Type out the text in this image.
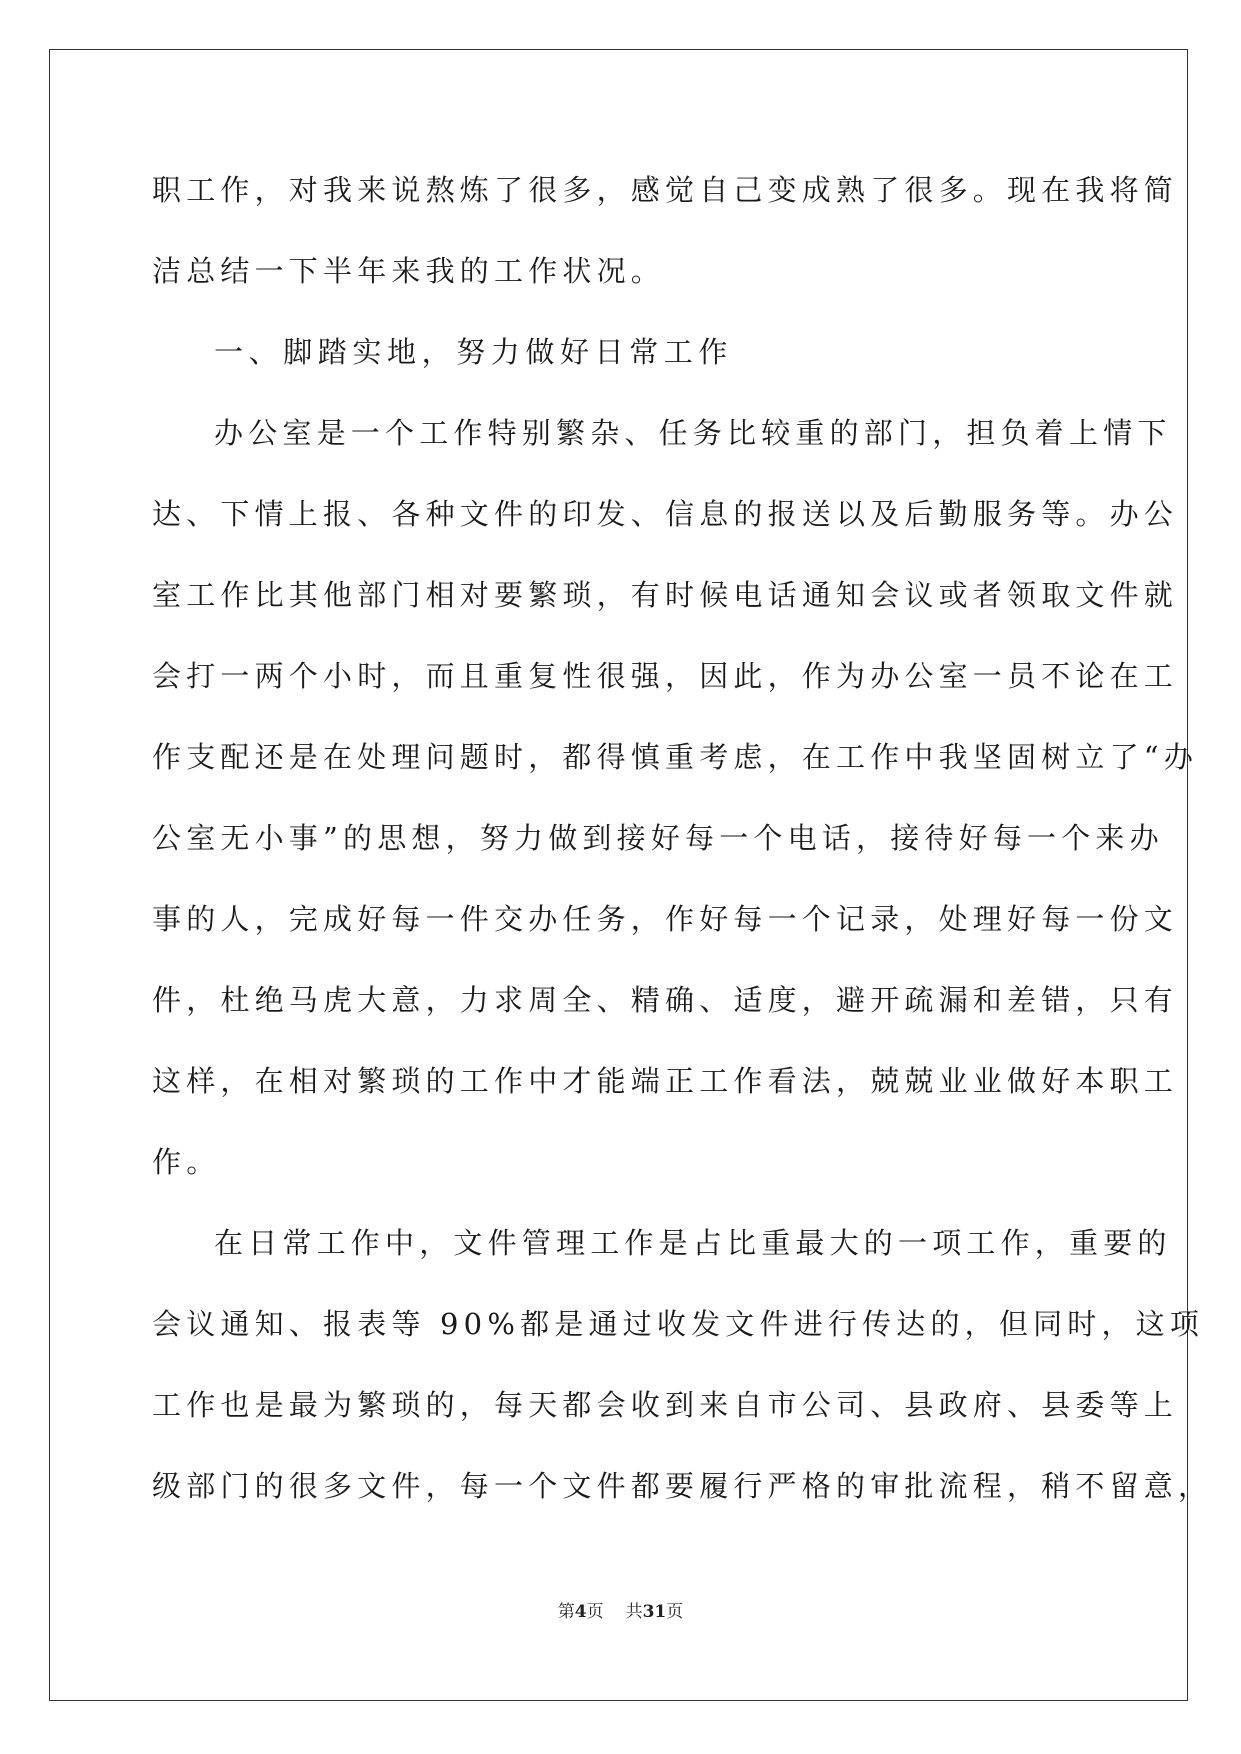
职工作，对我来说熬炼了很多，感觉自己变成熟了很多。现在我将简
洁总结一下半年来我的工作状况。
一、脚踏实地，努力做好日常工作
办公室是一个工作特别繁杂、任务比较重的部门，担负着上情下
达、下情上报、各种文件的印发、信息的报送以及后勤服务等。办公
室工作比其他部门相对要繁琐，有时候电话通知会议或者领取文件就
会打一两个小时，而且重复性很强，因此，作为办公室一员不论在工
作支配还是在处理问题时，都得慎重考虑，在工作中我坚固树立了“办
公室无小事”的思想，努力做到接好每一个电话，接待好每一个来办
事的人，完成好每一件交办任务，作好每一个记录，处理好每一份文
件，杜绝马虎大意，力求周全、精确、适度，避开疏漏和差错，只有
这样，在相对繁琐的工作中才能端正工作看法，兢兢业业做好本职工
作。
在日常工作中，文件管理工作是占比重最大的一项工作，重要的
会议通知、报表等 90%都是通过收发文件进行传达的，但同时，这项
工作也是最为繁琐的，每天都会收到来自市公司、县政府、县委等上
级部门的很多文件，每一个文件都要履行严格的审批流程，稍不留意，
第4页 共31页
